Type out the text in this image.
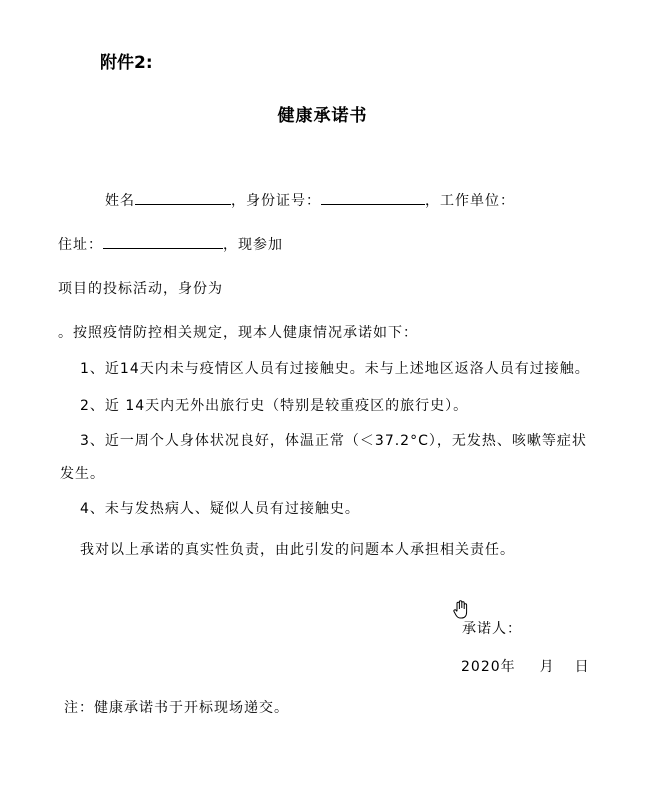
附件2:
健康承诺书
姓名	，身份证号：	，工作单位：
住址：	，现参加
项目的投标活动，身份为
。按照疫情防控相关规定，现本人健康情况承诺如下：
1、近14天内未与疫情区人员有过接触史。未与上述地区返洛人员有过接触。
2、近 14天内无外出旅行史（特别是较重疫区的旅行史）。
3、近一周个人身体状况良好，体温正常（＜37.2°C），无发热、咳嗽等症状
发生。
4、未与发热病人、疑似人员有过接触史。
我对以上承诺的真实性负责，由此引发的问题本人承担相关责任。
承诺人：
2020年 月 日
注：健康承诺书于开标现场递交。
